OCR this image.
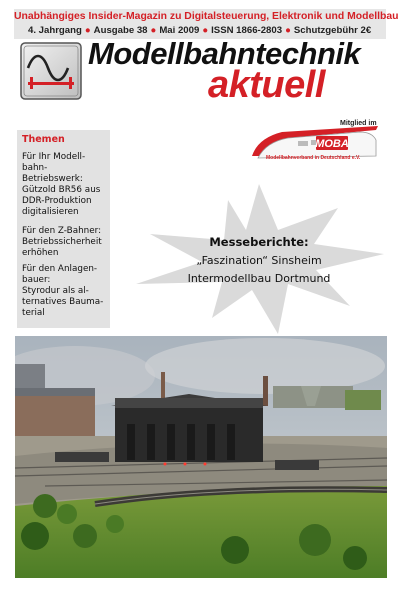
Unabhängiges Insider-Magazin zu Digitalsteuerung, Elektronik und Modellbau
4. Jahrgang ● Ausgabe 38 ● Mai 2009 ● ISSN 1866-2803 ● Schutzgebühr 2€
Modellbahntechnik
aktuell
Themen
Für Ihr Modell-
bahn-
Betriebswerk:
Gützold BR56 aus
DDR-Produktion
digitalisieren
Für den Z-Bahner:
Betriebssicherheit
erhöhen
Für den Anlagen-
bauer:
Styrodur als al-
ternatives Bauma-
terial
MOBA
Mitglied im
Modellbahnverband in Deutschland e.V.
Messeberichte:
„Faszination“ Sinsheim
Intermodellbau Dortmund
